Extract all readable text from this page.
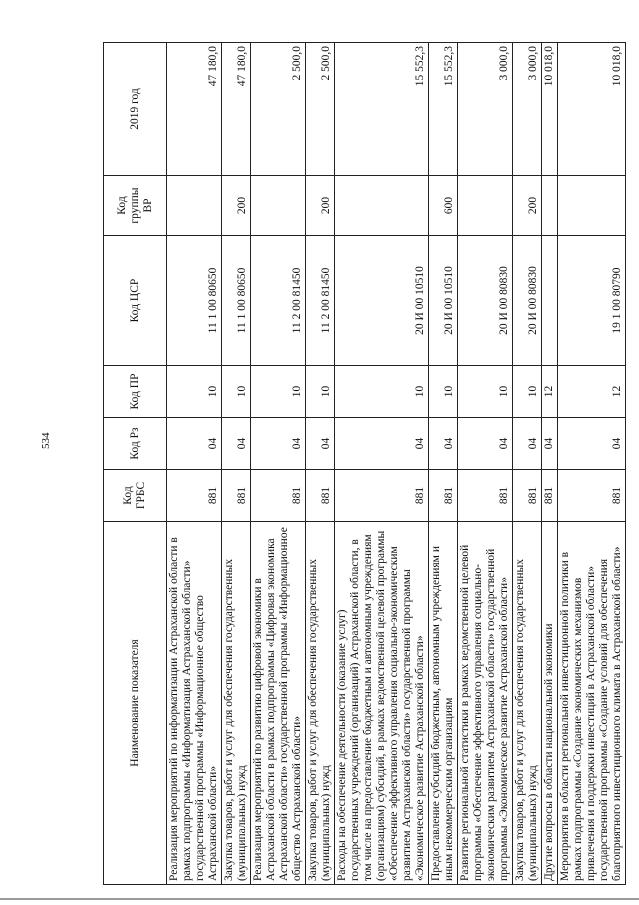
534
Наименование показателя	Код ГРБС	Код Рз	Код ПР	Код ЦСР	Код группы ВР	2019 год
Реализация мероприятий по информатизации Астраханской области в рамках подпрограммы «Информатизация Астраханской области» государственной программы «Информационное общество Астраханской области»	881	04	10	11 1 00 80650		47 180,0
Закупка товаров, работ и услуг для обеспечения государственных (муниципальных) нужд	881	04	10	11 1 00 80650	200	47 180,0
Реализация мероприятий по развитию цифровой экономики в Астраханской области в рамках подпрограммы «Цифровая экономика Астраханской области» государственной программы «Информационное общество Астраханской области»	881	04	10	11 2 00 81450		2 500,0
Закупка товаров, работ и услуг для обеспечения государственных (муниципальных) нужд	881	04	10	11 2 00 81450	200	2 500,0
Расходы на обеспечение деятельности (оказание услуг) государственных учреждений (организаций) Астраханской области, в том числе на предоставление бюджетным и автономным учреждениям (организациям) субсидий, в рамках ведомственной целевой программы «Обеспечение эффективного управления социально-экономическим развитием Астраханской области» государственной программы «Экономическое развитие Астраханской области»	881	04	10	20 И 00 10510		15 552,3
Предоставление субсидий бюджетным, автономным учреждениям и иным некоммерческим организациям	881	04	10	20 И 00 10510	600	15 552,3
Развитие региональной статистики в рамках ведомственной целевой программы «Обеспечение эффективного управления социально-экономическим развитием Астраханской области» государственной программы «Экономическое развитие Астраханской области»	881	04	10	20 И 00 80830		3 000,0
Закупка товаров, работ и услуг для обеспечения государственных (муниципальных) нужд	881	04	10	20 И 00 80830	200	3 000,0
Другие вопросы в области национальной экономики	881	04	12			10 018,0
Мероприятия в области региональной инвестиционной политики в рамках подпрограммы «Создание экономических механизмов привлечения и поддержки инвестиций в Астраханской области» государственной программы «Создание условий для обеспечения благоприятного инвестиционного климата в Астраханской области»	881	04	12	19 1 00 80790		10 018,0
